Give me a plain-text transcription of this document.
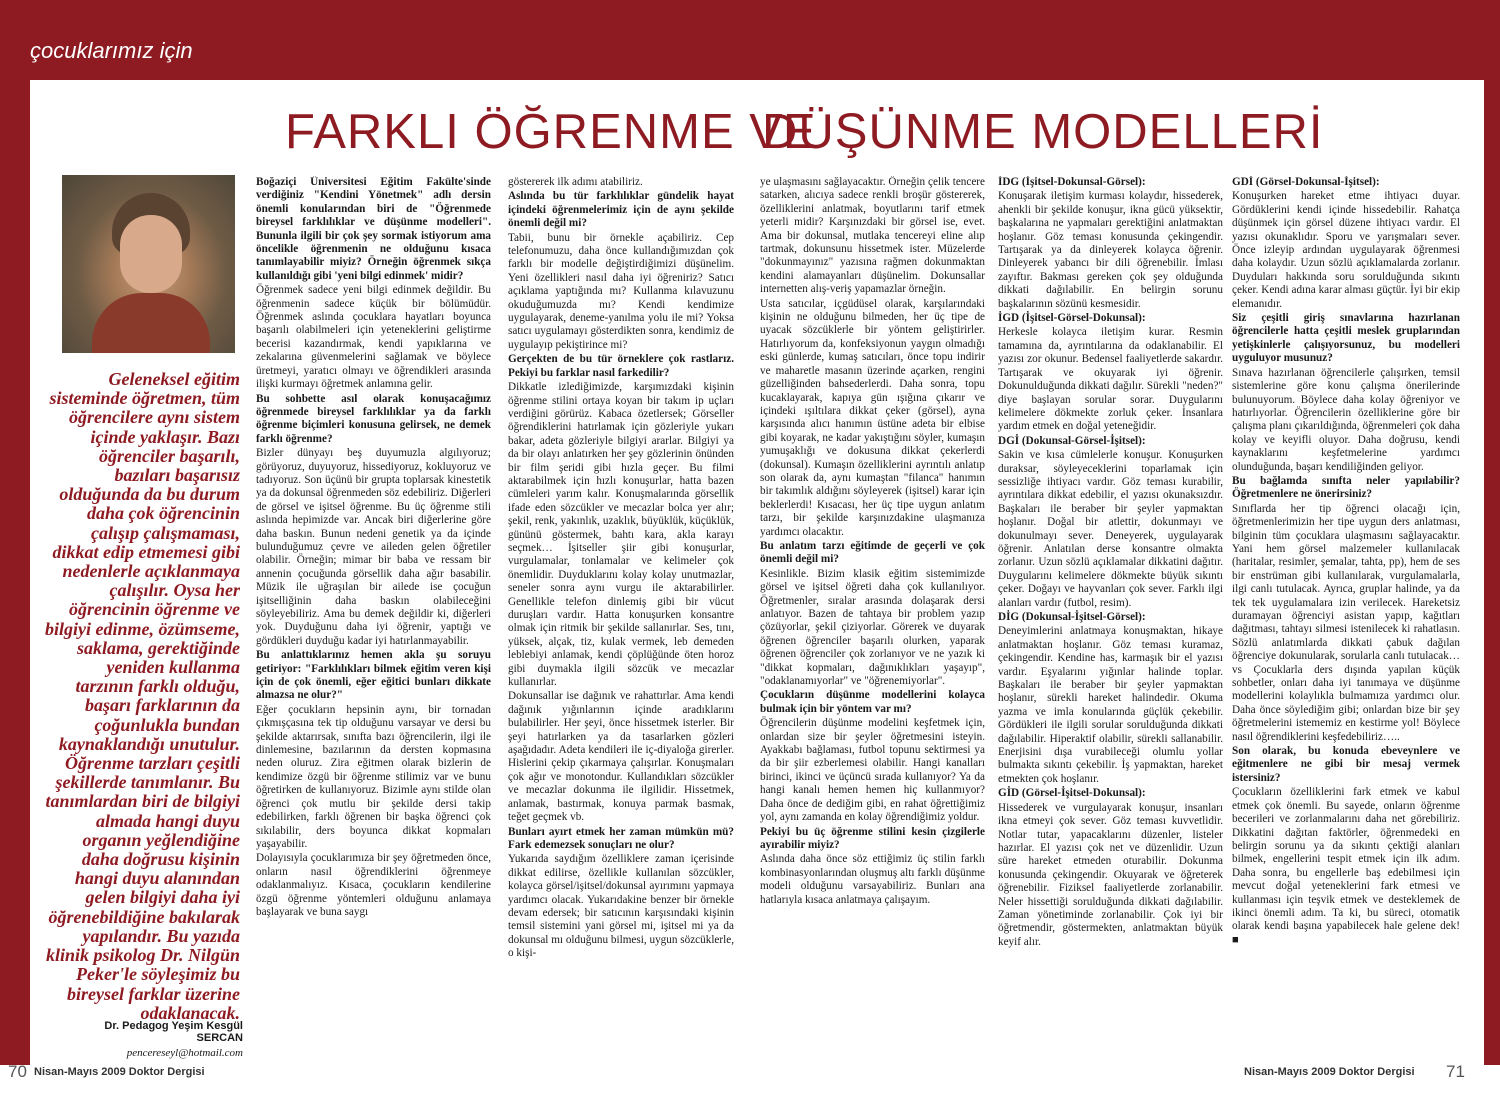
çocuklarımız için
FARKLI ÖĞRENME VE
DÜŞÜNME MODELLERİ

Geleneksel eğitim sisteminde öğretmen, tüm öğrencilere aynı sistem içinde yaklaşır. Bazı öğrenciler başarılı, bazıları başarısız olduğunda da bu durum daha çok öğrencinin çalışıp çalışmaması, dikkat edip etmemesi gibi nedenlerle açıklanmaya çalışılır. Oysa her öğrencinin öğrenme ve bilgiyi edinme, özümseme, saklama, gerektiğinde yeniden kullanma tarzının farklı olduğu, başarı farklarının da çoğunlukla bundan kaynaklandığı unutulur. Öğrenme tarzları çeşitli şekillerde tanımlanır. Bu tanımlardan biri de bilgiyi almada hangi duyu organın yeğlendiğine daha doğrusu kişinin hangi duyu alanından gelen bilgiyi daha iyi öğrenebildiğine bakılarak yapılandır. Bu yazıda klinik psikolog Dr. Nilgün Peker'le söyleşimiz bu bireysel farklar üzerine odaklanacak.

Dr. Pedagog Yeşim Kesgül SERCAN
pencereseyl@hotmail.com

Boğaziçi Üniversitesi Eğitim Fakülte'sinde verdiğiniz "Kendini Yönetmek" adlı dersin önemli konularından biri de "Öğrenmede bireysel farklılıklar ve düşünme modelleri". Bununla ilgili bir çok şey sormak istiyorum ama öncelikle öğrenmenin ne olduğunu kısaca tanımlayabilir miyiz? Örneğin öğrenmek sıkça kullanıldığı gibi 'yeni bilgi edinmek' midir?

Öğrenmek sadece yeni bilgi edinmek değildir. Bu öğrenmenin sadece küçük bir bölümüdür. Öğrenmek aslında çocuklara hayatları boyunca başarılı olabilmeleri için yeteneklerini geliştirme becerisi kazandırmak, kendi yapıklarına ve zekalarına güvenmelerini sağlamak ve böylece üretmeyi, yaratıcı olmayı ve öğrendikleri arasında ilişki kurmayı öğretmek anlamına gelir.

Bu sohbette asıl olarak konuşacağımız öğrenmede bireysel farklılıklar ya da farklı öğrenme biçimleri konusuna gelirsek, ne demek farklı öğrenme?

Bizler dünyayı beş duyumuzla algılıyoruz; görüyoruz, duyuyoruz, hissediyoruz, kokluyoruz ve tadıyoruz. Son üçünü bir grupta toplarsak kinestetik ya da dokunsal öğrenmeden söz edebiliriz. Diğerleri de görsel ve işitsel öğrenme. Bu üç öğrenme stili aslında hepimizde var. Ancak biri diğerlerine göre daha baskın. Bunun nedeni genetik ya da içinde bulunduğumuz çevre ve aileden gelen öğretiler olabilir. Örneğin; mimar bir baba ve ressam bir annenin çocuğunda görsellik daha ağır basabilir. Müzik ile uğraşılan bir ailede ise çocuğun işitselliğinin daha baskın olabileceğini söyleyebiliriz. Ama bu demek değildir ki, diğerleri yok. Duyduğunu daha iyi öğrenir, yaptığı ve gördükleri duyduğu kadar iyi hatırlanmayabilir.

Bu anlattıklarınız hemen akla şu soruyu getiriyor: "Farklılıkları bilmek eğitim veren kişi için de çok önemli, eğer eğitici bunları dikkate almazsa ne olur?"

Eğer çocukların hepsinin aynı, bir tornadan çıkmışçasına tek tip olduğunu varsayar ve dersi bu şekilde aktarırsak, sınıfta bazı öğrencilerin, ilgi ile dinlemesine, bazılarının da dersten kopmasına neden oluruz. Zira eğitmen olarak bizlerin de kendimize özgü bir öğrenme stilimiz var ve bunu öğretirken de kullanıyoruz. Bizimle aynı stilde olan öğrenci çok mutlu bir şekilde dersi takip edebilirken, farklı öğrenen bir başka öğrenci çok sıkılabilir, ders boyunca dikkat kopmaları yaşayabilir.

Dolayısıyla çocuklarımıza bir şey öğretmeden önce, onların nasıl öğrendiklerini öğrenmeye odaklanmalıyız. Kısaca, çocukların kendilerine özgü öğrenme yöntemleri olduğunu anlamaya başlayarak ve buna saygı

göstererek ilk adımı atabiliriz.

Aslında bu tür farklılıklar gündelik hayat içindeki öğrenmelerimiz için de aynı şekilde önemli değil mi?

Tabii, bunu bir örnekle açabiliriz. Cep telefonumuzu, daha önce kullandığımızdan çok farklı bir modelle değiştirdiğimizi düşünelim. Yeni özellikleri nasıl daha iyi öğreniriz? Satıcı açıklama yaptığında mı? Kullanma kılavuzunu okuduğumuzda mı? Kendi kendimize uygulayarak, deneme-yanılma yolu ile mi? Yoksa satıcı uygulamayı gösterdikten sonra, kendimiz de uygulayıp pekiştirince mi?

Gerçekten de bu tür örneklere çok rastlarız. Pekiyi bu farklar nasıl farkedilir?

Dikkatle izlediğimizde, karşımızdaki kişinin öğrenme stilini ortaya koyan bir takım ip uçları verdiğini görürüz. Kabaca özetlersek; Görseller öğrendiklerini hatırlamak için gözleriyle yukarı bakar, adeta gözleriyle bilgiyi ararlar. Bilgiyi ya da bir olayı anlatırken her şey gözlerinin önünden bir film şeridi gibi hızla geçer. Bu filmi aktarabilmek için hızlı konuşurlar, hatta bazen cümleleri yarım kalır. Konuşmalarında görsellik ifade eden sözcükler ve mecazlar bolca yer alır; şekil, renk, yakınlık, uzaklık, büyüklük, küçüklük, gününü göstermek, bahtı kara, akla karayı seçmek… İşitseller şiir gibi konuşurlar, vurgulamalar, tonlamalar ve kelimeler çok önemlidir. Duyduklarını kolay kolay unutmazlar, seneler sonra aynı vurgu ile aktarabilirler. Genellikle telefon dinlemiş gibi bir vücut duruşları vardır. Hatta konuşurken konsantre olmak için ritmik bir şekilde sallanırlar. Ses, tını, yüksek, alçak, tiz, kulak vermek, leb demeden leblebiyi anlamak, kendi çöplüğünde öten horoz gibi duymakla ilgili sözcük ve mecazlar kullanırlar.

Dokunsallar ise dağınık ve rahattırlar. Ama kendi dağınık yığınlarının içinde aradıklarını bulabilirler. Her şeyi, önce hissetmek isterler. Bir şeyi hatırlarken ya da tasarlarken gözleri aşağıdadır. Adeta kendileri ile iç-diyaloğa girerler. Hislerini çekip çıkarmaya çalışırlar. Konuşmaları çok ağır ve monotondur. Kullandıkları sözcükler ve mecazlar dokunma ile ilgilidir. Hissetmek, anlamak, bastırmak, konuya parmak basmak, teğet geçmek vb.

Bunları ayırt etmek her zaman mümkün mü? Fark edemezsek sonuçları ne olur?

Yukarıda saydığım özelliklere zaman içerisinde dikkat edilirse, özellikle kullanılan sözcükler, kolayca görsel/işitsel/dokunsal ayırımını yapmaya yardımcı olacak. Yukarıdakine benzer bir örnekle devam edersek; bir satıcının karşısındaki kişinin temsil sistemini yani görsel mi, işitsel mi ya da dokunsal mı olduğunu bilmesi, uygun sözcüklerle, o kişi-

ye ulaşmasını sağlayacaktır. Örneğin çelik tencere satarken, alıcıya sadece renkli broşür göstererek, özelliklerini anlatmak, boyutlarını tarif etmek yeterli midir? Karşınızdaki bir görsel ise, evet. Ama bir dokunsal, mutlaka tencereyi eline alıp tartmak, dokunsunu hissetmek ister. Müzelerde "dokunmayınız" yazısına rağmen dokunmaktan kendini alamayanları düşünelim. Dokunsallar internetten alış-veriş yapamazlar örneğin.

Usta satıcılar, içgüdüsel olarak, karşılarındaki kişinin ne olduğunu bilmeden, her üç tipe de uyacak sözcüklerle bir yöntem geliştirirler. Hatırlıyorum da, konfeksiyonun yaygın olmadığı eski günlerde, kumaş satıcıları, önce topu indirir ve maharetle masanın üzerinde açarken, rengini güzelliğinden bahsederlerdi. Daha sonra, topu kucaklayarak, kapıya gün ışığına çıkarır ve içindeki ışıltılara dikkat çeker (görsel), ayna karşısında alıcı hanımın üstüne adeta bir elbise gibi koyarak, ne kadar yakıştığını söyler, kumaşın yumuşaklığı ve dokusuna dikkat çekerlerdi (dokunsal). Kumaşın özelliklerini ayrıntılı anlatıp son olarak da, aynı kumaştan "filanca" hanımın bir takımlık aldığını söyleyerek (işitsel) karar için beklerlerdi! Kısacası, her üç tipe uygun anlatım tarzı, bir şekilde karşınızdakine ulaşmanıza yardımcı olacaktır.

Bu anlatım tarzı eğitimde de geçerli ve çok önemli değil mi?

Kesinlikle. Bizim klasik eğitim sistemimizde görsel ve işitsel öğreti daha çok kullanılıyor. Öğretmenler, sıralar arasında dolaşarak dersi anlatıyor. Bazen de tahtaya bir problem yazıp çözüyorlar, şekil çiziyorlar. Görerek ve duyarak öğrenen öğrenciler başarılı olurken, yaparak öğrenen öğrenciler çok zorlanıyor ve ne yazık ki "dikkat kopmaları, dağınıklıkları yaşayıp", "odaklanamıyorlar" ve "öğrenemiyorlar".

Çocukların düşünme modellerini kolayca bulmak için bir yöntem var mı?

Öğrencilerin düşünme modelini keşfetmek için, onlardan size bir şeyler öğretmesini isteyin. Ayakkabı bağlaması, futbol topunu sektirmesi ya da bir şiir ezberlemesi olabilir. Hangi kanalları birinci, ikinci ve üçüncü sırada kullanıyor? Ya da hangi kanalı hemen hemen hiç kullanmıyor? Daha önce de dediğim gibi, en rahat öğrettiğimiz yol, aynı zamanda en kolay öğrendiğimiz yoldur.

Pekiyi bu üç öğrenme stilini kesin çizgilerle ayırabilir miyiz?

Aslında daha önce söz ettiğimiz üç stilin farklı kombinasyonlarından oluşmuş altı farklı düşünme modeli olduğunu varsayabiliriz. Bunları ana hatlarıyla kısaca anlatmaya çalışayım.

İDG (İşitsel-Dokunsal-Görsel):

Konuşarak iletişim kurması kolaydır, hissederek, ahenkli bir şekilde konuşur, ikna gücü yüksektir, başkalarına ne yapmaları gerektiğini anlatmaktan hoşlanır. Göz teması konusunda çekingendir. Tartışarak ya da dinleyerek kolayca öğrenir. Dinleyerek yabancı bir dili öğrenebilir. İmlası zayıftır. Bakması gereken çok şey olduğunda dikkati dağılabilir. En belirgin sorunu başkalarının sözünü kesmesidir.

İGD (İşitsel-Görsel-Dokunsal):

Herkesle kolayca iletişim kurar. Resmin tamamına da, ayrıntılarına da odaklanabilir. El yazısı zor okunur. Bedensel faaliyetlerde sakardır. Tartışarak ve okuyarak iyi öğrenir. Dokunulduğunda dikkati dağılır. Sürekli "neden?" diye başlayan sorular sorar. Duygularını kelimelere dökmekte zorluk çeker. İnsanlara yardım etmek en doğal yeteneğidir.

DGİ (Dokunsal-Görsel-İşitsel):

Sakin ve kısa cümlelerle konuşur. Konuşurken duraksar, söyleyeceklerini toparlamak için sessizliğe ihtiyacı vardır. Göz teması kurabilir, ayrıntılara dikkat edebilir, el yazısı okunaksızdır. Başkaları ile beraber bir şeyler yapmaktan hoşlanır. Doğal bir atlettir, dokunmayı ve dokunulmayı sever. Deneyerek, uygulayarak öğrenir. Anlatılan derse konsantre olmakta zorlanır. Uzun sözlü açıklamalar dikkatini dağıtır. Duygularını kelimelere dökmekte büyük sıkıntı çeker. Doğayı ve hayvanları çok sever. Farklı ilgi alanları vardır (futbol, resim).

DİG (Dokunsal-İşitsel-Görsel):

Deneyimlerini anlatmaya konuşmaktan, hikaye anlatmaktan hoşlanır. Göz teması kuramaz, çekingendir. Kendine has, karmaşık bir el yazısı vardır. Eşyalarını yığınlar halinde toplar. Başkaları ile beraber bir şeyler yapmaktan hoşlanır, sürekli hareket halindedir. Okuma yazma ve imla konularında güçlük çekebilir. Gördükleri ile ilgili sorular sorulduğunda dikkati dağılabilir. Hiperaktif olabilir, sürekli sallanabilir. Enerjisini dışa vurabileceği olumlu yollar bulmakta sıkıntı çekebilir. İş yapmaktan, hareket etmekten çok hoşlanır.

GİD (Görsel-İşitsel-Dokunsal):

Hissederek ve vurgulayarak konuşur, insanları ikna etmeyi çok sever. Göz teması kuvvetlidir. Notlar tutar, yapacaklarını düzenler, listeler hazırlar. El yazısı çok net ve düzenlidir. Uzun süre hareket etmeden oturabilir. Dokunma konusunda çekingendir. Okuyarak ve öğreterek öğrenebilir. Fiziksel faaliyetlerde zorlanabilir. Neler hissettiği sorulduğunda dikkati dağılabilir. Zaman yönetiminde zorlanabilir. Çok iyi bir öğretmendir, göstermekten, anlatmaktan büyük keyif alır.

GDİ (Görsel-Dokunsal-İşitsel):

Konuşurken hareket etme ihtiyacı duyar. Gördüklerini kendi içinde hissedebilir. Rahatça düşünmek için görsel düzene ihtiyacı vardır. El yazısı okunaklıdır. Sporu ve yarışmaları sever. Önce izleyip ardından uygulayarak öğrenmesi daha kolaydır. Uzun sözlü açıklamalarda zorlanır. Duyduları hakkında soru sorulduğunda sıkıntı çeker. Kendi adına karar alması güçtür. İyi bir ekip elemanıdır.

Siz çeşitli giriş sınavlarına hazırlanan öğrencilerle hatta çeşitli meslek gruplarından yetişkinlerle çalışıyorsunuz, bu modelleri uyguluyor musunuz?

Sınava hazırlanan öğrencilerle çalışırken, temsil sistemlerine göre konu çalışma önerilerinde bulunuyorum. Böylece daha kolay öğreniyor ve hatırlıyorlar. Öğrencilerin özelliklerine göre bir çalışma planı çıkarıldığında, öğrenmeleri çok daha kolay ve keyifli oluyor. Daha doğrusu, kendi kaynaklarını keşfetmelerine yardımcı olunduğunda, başarı kendiliğinden geliyor.

Bu bağlamda sınıfta neler yapılabilir? Öğretmenlere ne önerirsiniz?

Sınıflarda her tip öğrenci olacağı için, öğretmenlerimizin her tipe uygun ders anlatması, bilginin tüm çocuklara ulaşmasını sağlayacaktır. Yani hem görsel malzemeler kullanılacak (haritalar, resimler, şemalar, tahta, pp), hem de ses bir enstrüman gibi kullanılarak, vurgulamalarla, ilgi canlı tutulacak. Ayrıca, gruplar halinde, ya da tek tek uygulamalara izin verilecek. Hareketsiz duramayan öğrenciyi asistan yapıp, kağıtları dağıtması, tahtayı silmesi istenilecek ki rahatlasın. Sözlü anlatımlarda dikkati çabuk dağılan öğrenciye dokunularak, sorularla canlı tutulacak…vs Çocuklarla ders dışında yapılan küçük sohbetler, onları daha iyi tanımaya ve düşünme modellerini kolaylıkla bulmamıza yardımcı olur. Daha önce söylediğim gibi; onlardan bize bir şey öğretmelerini istememiz en kestirme yol! Böylece nasıl öğrendiklerini keşfedebiliriz…..

Son olarak, bu konuda ebeveynlere ve eğitmenlere ne gibi bir mesaj vermek istersiniz?

Çocukların özelliklerini fark etmek ve kabul etmek çok önemli. Bu sayede, onların öğrenme becerileri ve zorlanmalarını daha net görebiliriz. Dikkatini dağıtan faktörler, öğrenmedeki en belirgin sorunu ya da sıkıntı çektiği alanları bilmek, engellerini tespit etmek için ilk adım. Daha sonra, bu engellerle baş edebilmesi için mevcut doğal yeteneklerini fark etmesi ve kullanması için teşvik etmek ve desteklemek de ikinci önemli adım. Ta ki, bu süreci, otomatik olarak kendi başına yapabilecek hale gelene dek! ■

70 Nisan-Mayıs 2009 Doktor Dergisi	Nisan-Mayıs 2009 Doktor Dergisi 71
